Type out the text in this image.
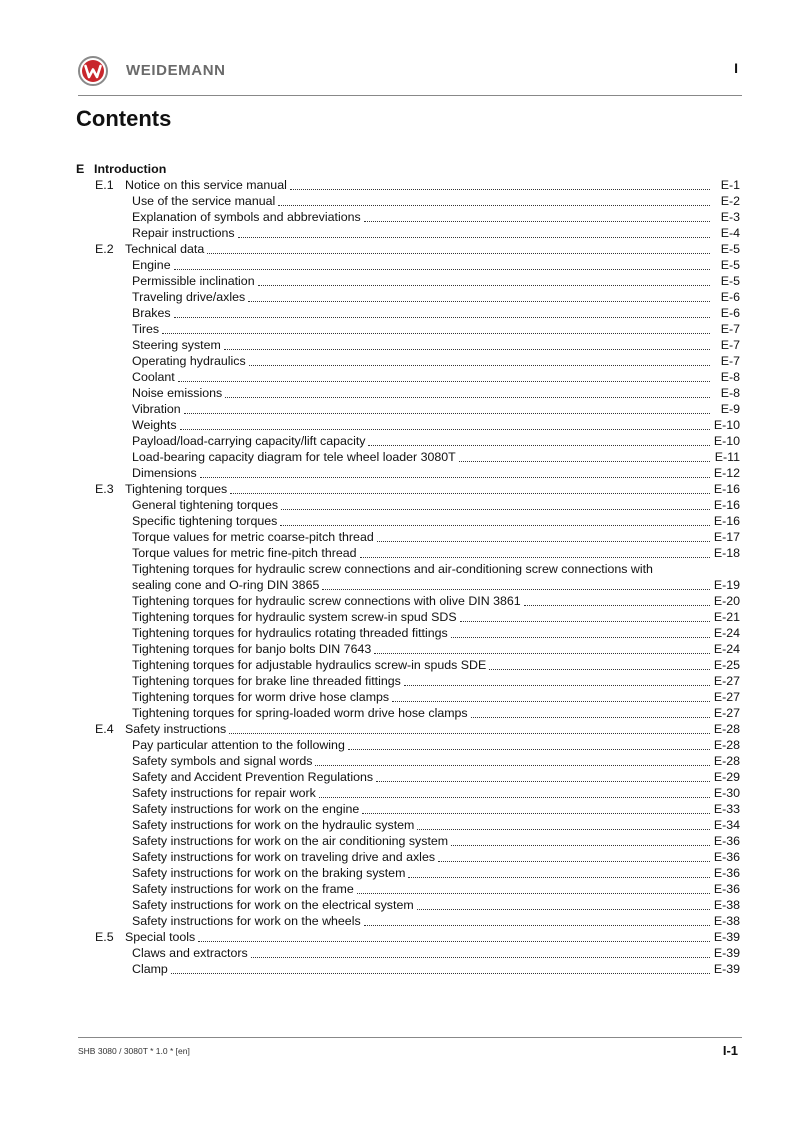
WEIDEMANN	I
Contents
E Introduction
E.1 Notice on this service manual	E-1
Use of the service manual	E-2
Explanation of symbols and abbreviations	E-3
Repair instructions	E-4
E.2 Technical data	E-5
Engine	E-5
Permissible inclination	E-5
Traveling drive/axles	E-6
Brakes	E-6
Tires	E-7
Steering system	E-7
Operating hydraulics	E-7
Coolant	E-8
Noise emissions	E-8
Vibration	E-9
Weights	E-10
Payload/load-carrying capacity/lift capacity	E-10
Load-bearing capacity diagram for tele wheel loader 3080T	E-11
Dimensions	E-12
E.3 Tightening torques	E-16
General tightening torques	E-16
Specific tightening torques	E-16
Torque values for metric coarse-pitch thread	E-17
Torque values for metric fine-pitch thread	E-18
Tightening torques for hydraulic screw connections and air-conditioning screw connections with
sealing cone and O-ring DIN 3865	E-19
Tightening torques for hydraulic screw connections with olive DIN 3861	E-20
Tightening torques for hydraulic system screw-in spud SDS	E-21
Tightening torques for hydraulics rotating threaded fittings	E-24
Tightening torques for banjo bolts DIN 7643	E-24
Tightening torques for adjustable hydraulics screw-in spuds SDE	E-25
Tightening torques for brake line threaded fittings	E-27
Tightening torques for worm drive hose clamps	E-27
Tightening torques for spring-loaded worm drive hose clamps	E-27
E.4 Safety instructions	E-28
Pay particular attention to the following	E-28
Safety symbols and signal words	E-28
Safety and Accident Prevention Regulations	E-29
Safety instructions for repair work	E-30
Safety instructions for work on the engine	E-33
Safety instructions for work on the hydraulic system	E-34
Safety instructions for work on the air conditioning system	E-36
Safety instructions for work on traveling drive and axles	E-36
Safety instructions for work on the braking system	E-36
Safety instructions for work on the frame	E-36
Safety instructions for work on the electrical system	E-38
Safety instructions for work on the wheels	E-38
E.5 Special tools	E-39
Claws and extractors	E-39
Clamp	E-39
SHB 3080 / 3080T * 1.0 * [en]	I-1
